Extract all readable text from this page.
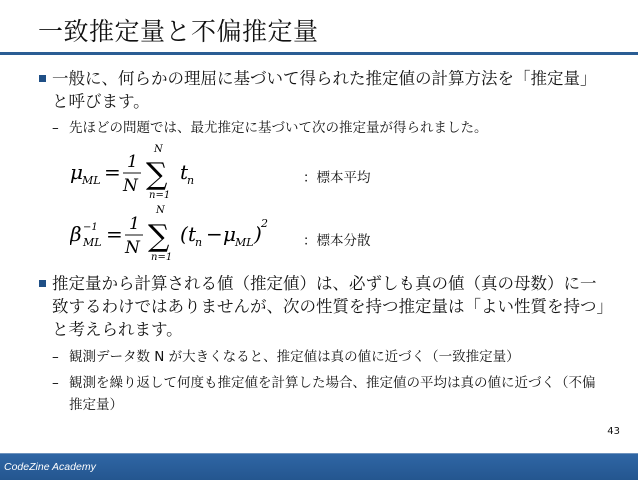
一致推定量と不偏推定量
一般に、何らかの理屈に基づいて得られた推定値の計算方法を「推定量」と呼びます。
– 先ほどの問題では、最尤推定に基づいて次の推定量が得られました。
μ ML = 1
N
N
∑
n=1
t
n	：標本平均
β −1
ML = 1
N
N
∑
n=1
( t
n − μ ML ) 2
：標本分散
推定量から計算される値（推定値）は、必ずしも真の値（真の母数）に一致するわけではありませんが、次の性質を持つ推定量は「よい性質を持つ」と考えられます。
– 観測データ数 N が大きくなると、推定値は真の値に近づく（一致推定量）
– 観測を繰り返して何度も推定値を計算した場合、推定値の平均は真の値に近づく（不偏推定量）
43
CodeZine Academy
